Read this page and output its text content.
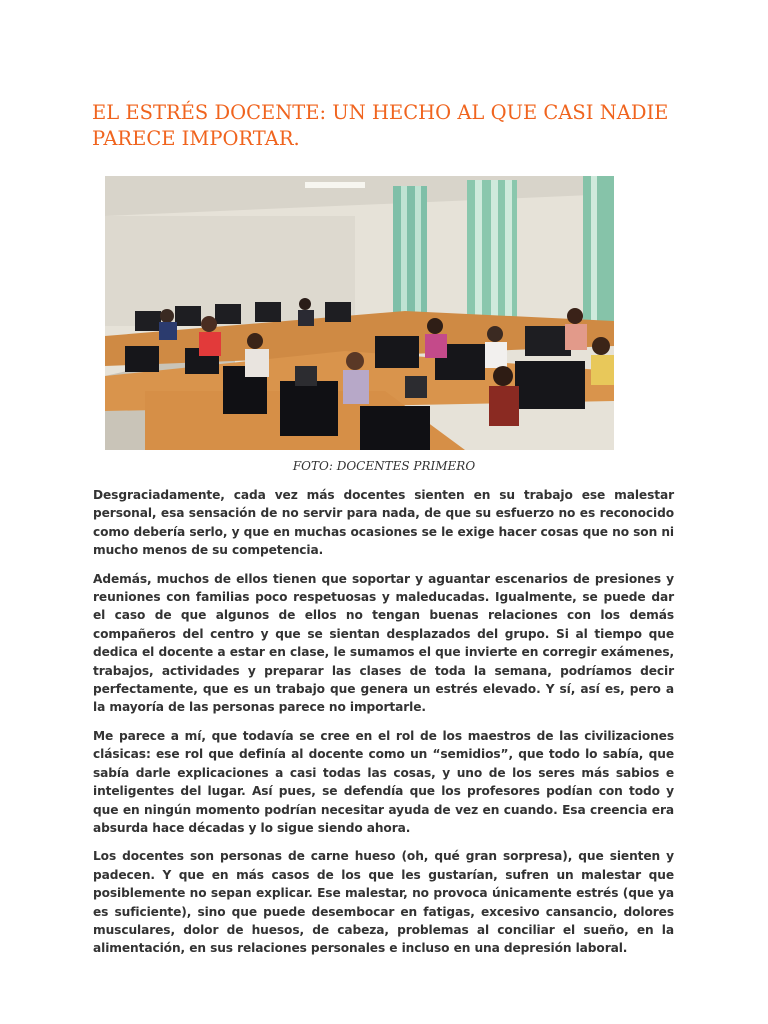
EL ESTRÉS DOCENTE: UN HECHO AL QUE CASI NADIE PARECE IMPORTAR.
FOTO: DOCENTES PRIMERO

Desgraciadamente, cada vez más docentes sienten en su trabajo ese malestar personal, esa sensación de no servir para nada, de que su esfuerzo no es reconocido como debería serlo, y que en muchas ocasiones se le exige hacer cosas que no son ni mucho menos de su competencia.

Además, muchos de ellos tienen que soportar y aguantar escenarios de presiones y reuniones con familias poco respetuosas y maleducadas. Igualmente, se puede dar el caso de que algunos de ellos no tengan buenas relaciones con los demás compañeros del centro y que se sientan desplazados del grupo. Si al tiempo que dedica el docente a estar en clase, le sumamos el que invierte en corregir exámenes, trabajos, actividades y preparar las clases de toda la semana, podríamos decir perfectamente, que es un trabajo que genera un estrés elevado. Y sí, así es, pero a la mayoría de las personas parece no importarle.

Me parece a mí, que todavía se cree en el rol de los maestros de las civilizaciones clásicas: ese rol que definía al docente como un “semidios”, que todo lo sabía, que sabía darle explicaciones a casi todas las cosas, y uno de los seres más sabios e inteligentes del lugar. Así pues, se defendía que los profesores podían con todo y que en ningún momento podrían necesitar ayuda de vez en cuando. Esa creencia era absurda hace décadas y lo sigue siendo ahora.

Los docentes son personas de carne hueso (oh, qué gran sorpresa), que sienten y padecen. Y que en más casos de los que les gustarían, sufren un malestar que posiblemente no sepan explicar. Ese malestar, no provoca únicamente estrés (que ya es suficiente), sino que puede desembocar en fatigas, excesivo cansancio, dolores musculares, dolor de huesos, de cabeza, problemas al conciliar el sueño, en la alimentación, en sus relaciones personales e incluso en una depresión laboral.
